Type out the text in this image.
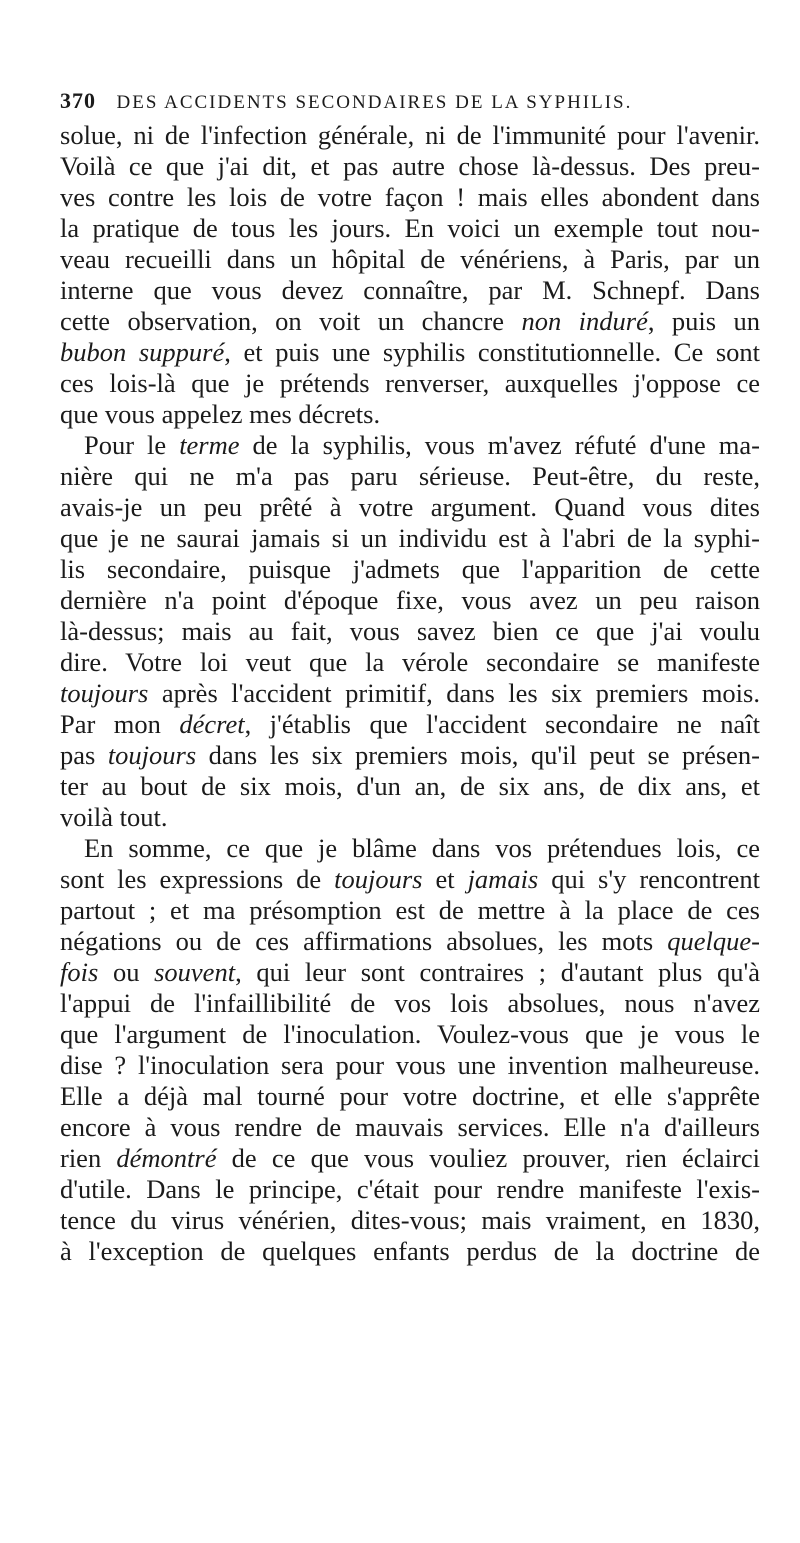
370 DES ACCIDENTS SECONDAIRES DE LA SYPHILIS.
solue, ni de l'infection générale, ni de l'immunité pour l'avenir.
Voilà ce que j'ai dit, et pas autre chose là-dessus. Des preu-
ves contre les lois de votre façon ! mais elles abondent dans
la pratique de tous les jours. En voici un exemple tout nou-
veau recueilli dans un hôpital de vénériens, à Paris, par un
interne que vous devez connaître, par M. Schnepf. Dans
cette observation, on voit un chancre non induré, puis un
bubon suppuré, et puis une syphilis constitutionnelle. Ce sont
ces lois-là que je prétends renverser, auxquelles j'oppose ce
que vous appelez mes décrets.
Pour le terme de la syphilis, vous m'avez réfuté d'une ma-
nière qui ne m'a pas paru sérieuse. Peut-être, du reste,
avais-je un peu prêté à votre argument. Quand vous dites
que je ne saurai jamais si un individu est à l'abri de la syphi-
lis secondaire, puisque j'admets que l'apparition de cette
dernière n'a point d'époque fixe, vous avez un peu raison
là-dessus; mais au fait, vous savez bien ce que j'ai voulu
dire. Votre loi veut que la vérole secondaire se manifeste
toujours après l'accident primitif, dans les six premiers mois.
Par mon décret, j'établis que l'accident secondaire ne naît
pas toujours dans les six premiers mois, qu'il peut se présen-
ter au bout de six mois, d'un an, de six ans, de dix ans, et
voilà tout.
En somme, ce que je blâme dans vos prétendues lois, ce
sont les expressions de toujours et jamais qui s'y rencontrent
partout ; et ma présomption est de mettre à la place de ces
négations ou de ces affirmations absolues, les mots quelque-
fois ou souvent, qui leur sont contraires ; d'autant plus qu'à
l'appui de l'infaillibilité de vos lois absolues, nous n'avez
que l'argument de l'inoculation. Voulez-vous que je vous le
dise ? l'inoculation sera pour vous une invention malheureuse.
Elle a déjà mal tourné pour votre doctrine, et elle s'apprête
encore à vous rendre de mauvais services. Elle n'a d'ailleurs
rien démontré de ce que vous vouliez prouver, rien éclairci
d'utile. Dans le principe, c'était pour rendre manifeste l'exis-
tence du virus vénérien, dites-vous; mais vraiment, en 1830,
à l'exception de quelques enfants perdus de la doctrine de
